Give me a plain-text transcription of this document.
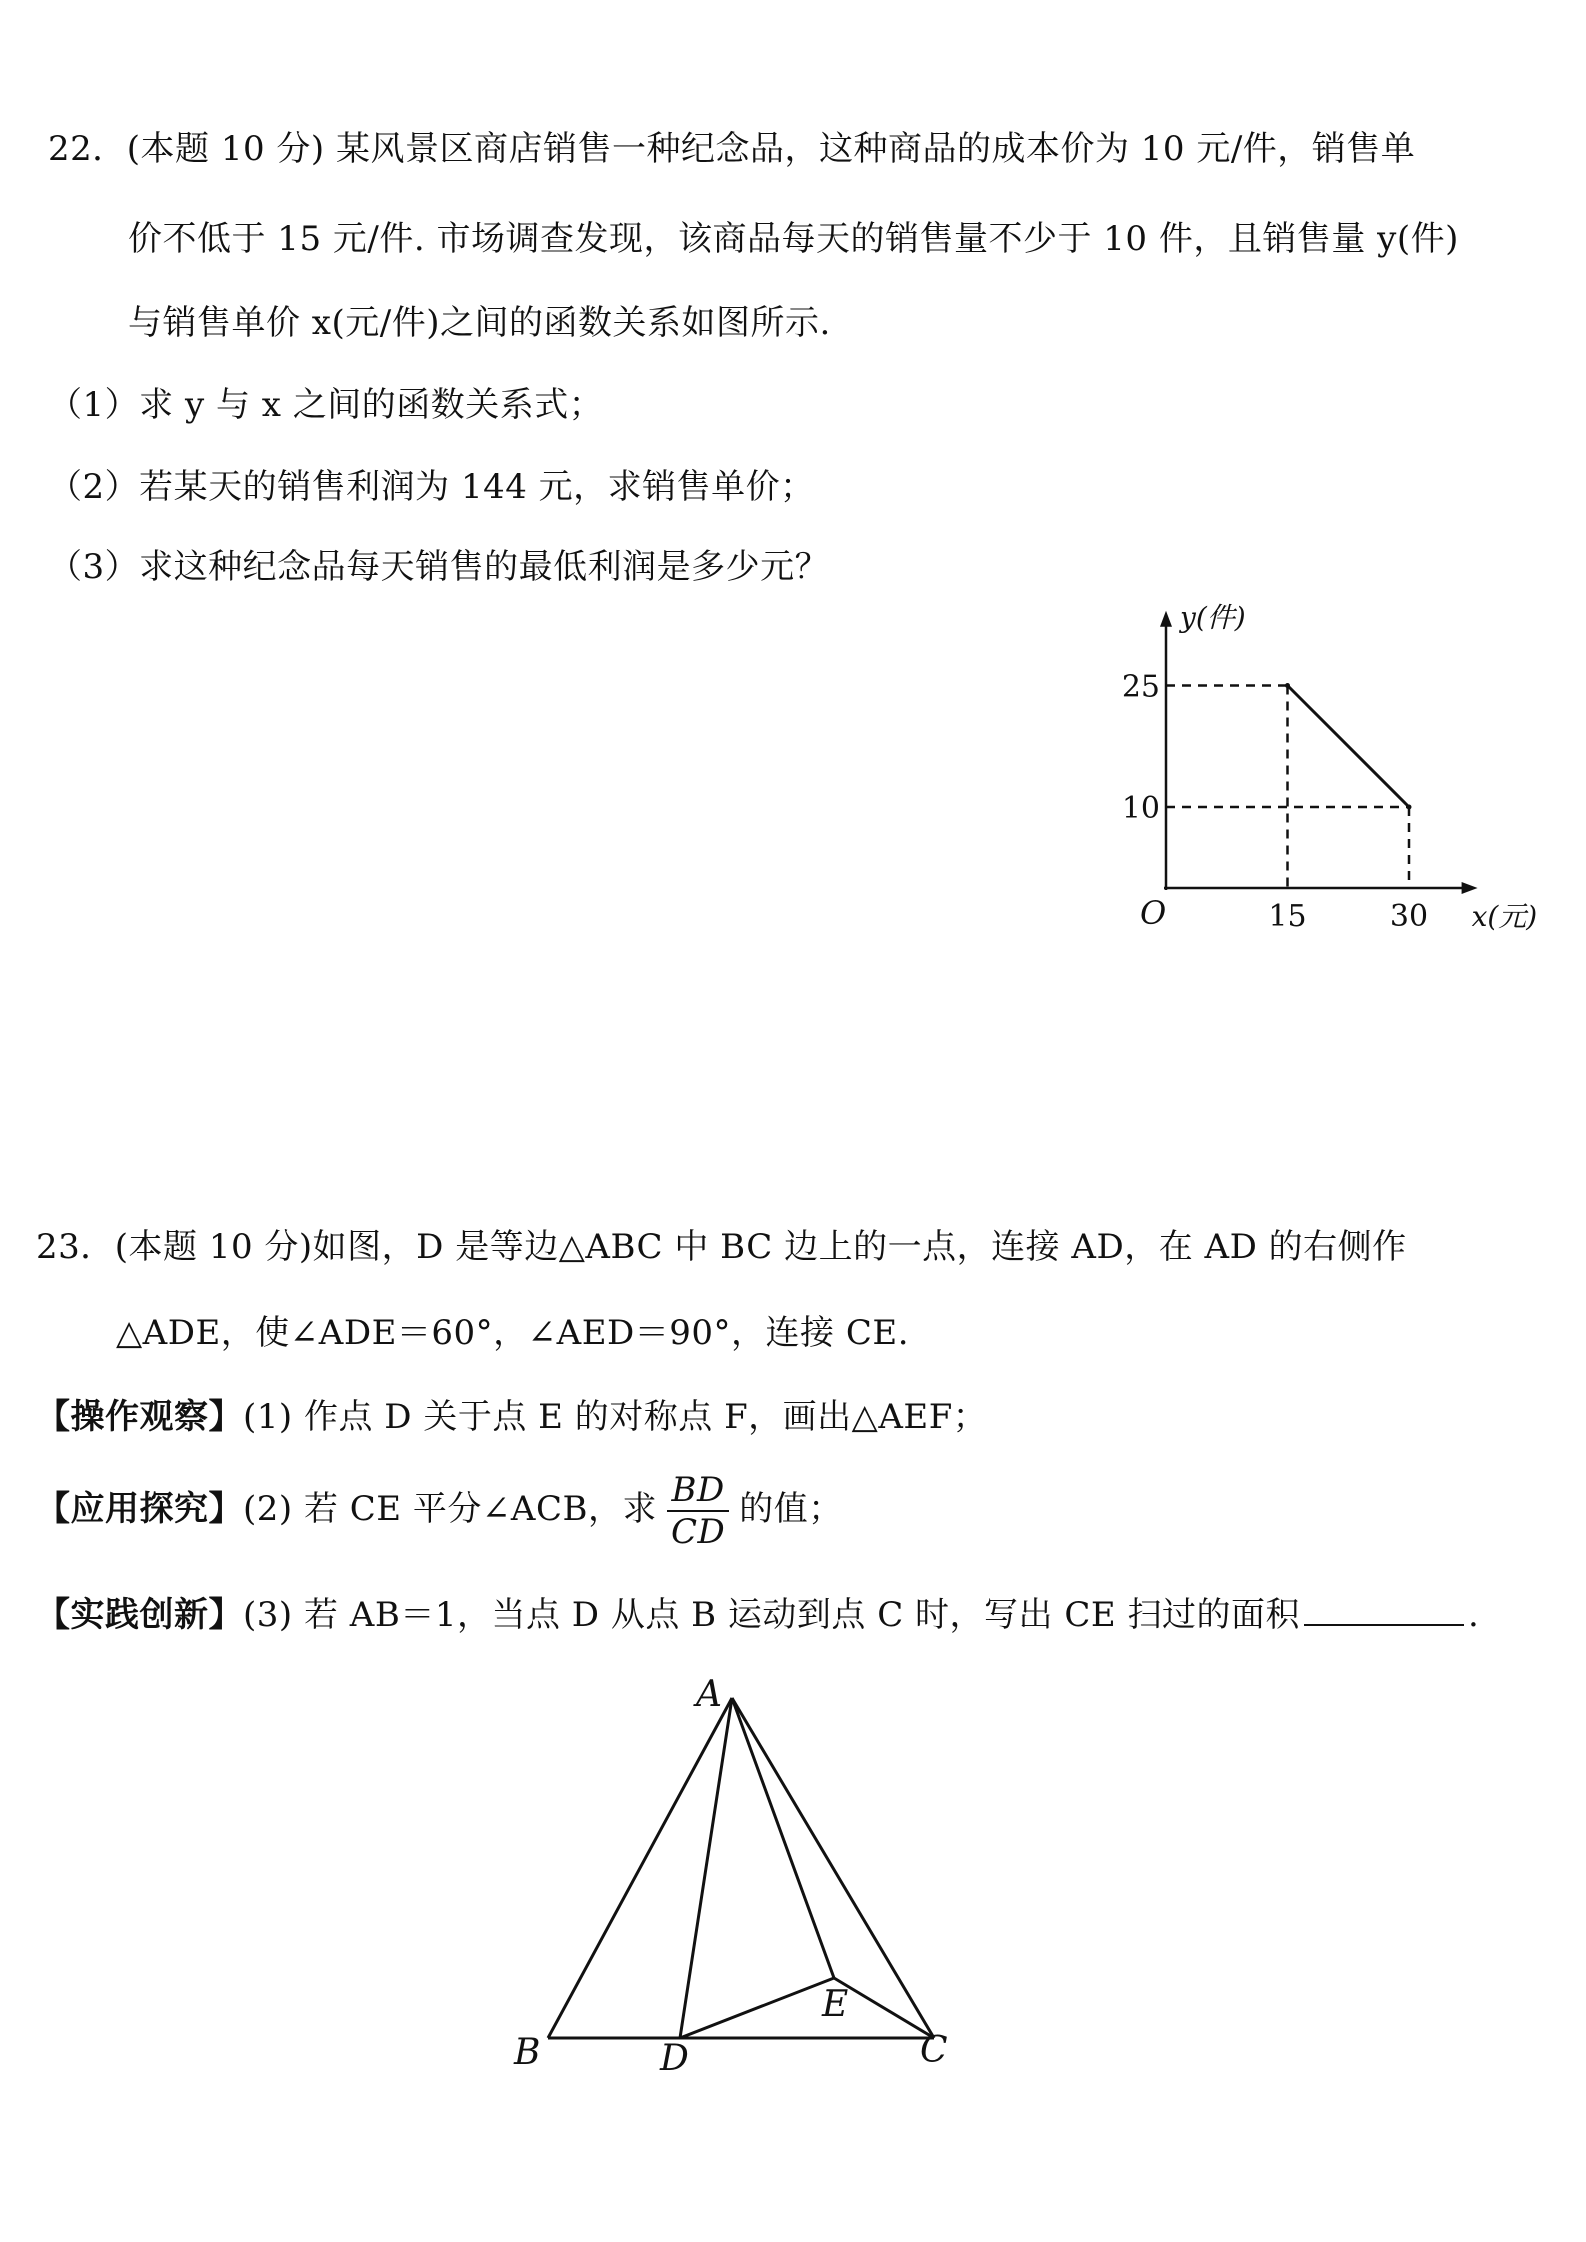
22．(本题 10 分) 某风景区商店销售一种纪念品，这种商品的成本价为 10 元/件，销售单
价不低于 15 元/件. 市场调查发现，该商品每天的销售量不少于 10 件，且销售量 y(件)
与销售单价 x(元/件)之间的函数关系如图所示.
（1）求 y 与 x 之间的函数关系式；
（2）若某天的销售利润为 144 元，求销售单价；
（3）求这种纪念品每天销售的最低利润是多少元？
10
25
15	30
O
y(件)
x(元)
23．(本题 10 分)如图，D 是等边△ABC 中 BC 边上的一点，连接 AD，在 AD 的右侧作
△ADE，使∠ADE＝60°，∠AED＝90°，连接 CE.
【操作观察】(1) 作点 D 关于点 E 的对称点 F，画出△AEF；
【应用探究】(2) 若 CE 平分∠ACB，求 $\frac{BD}{CD}$ 的值；
【实践创新】(3) 若 AB＝1，当点 D 从点 B 运动到点 C 时，写出 CE 扫过的面积	.
A
B	D
E
C
